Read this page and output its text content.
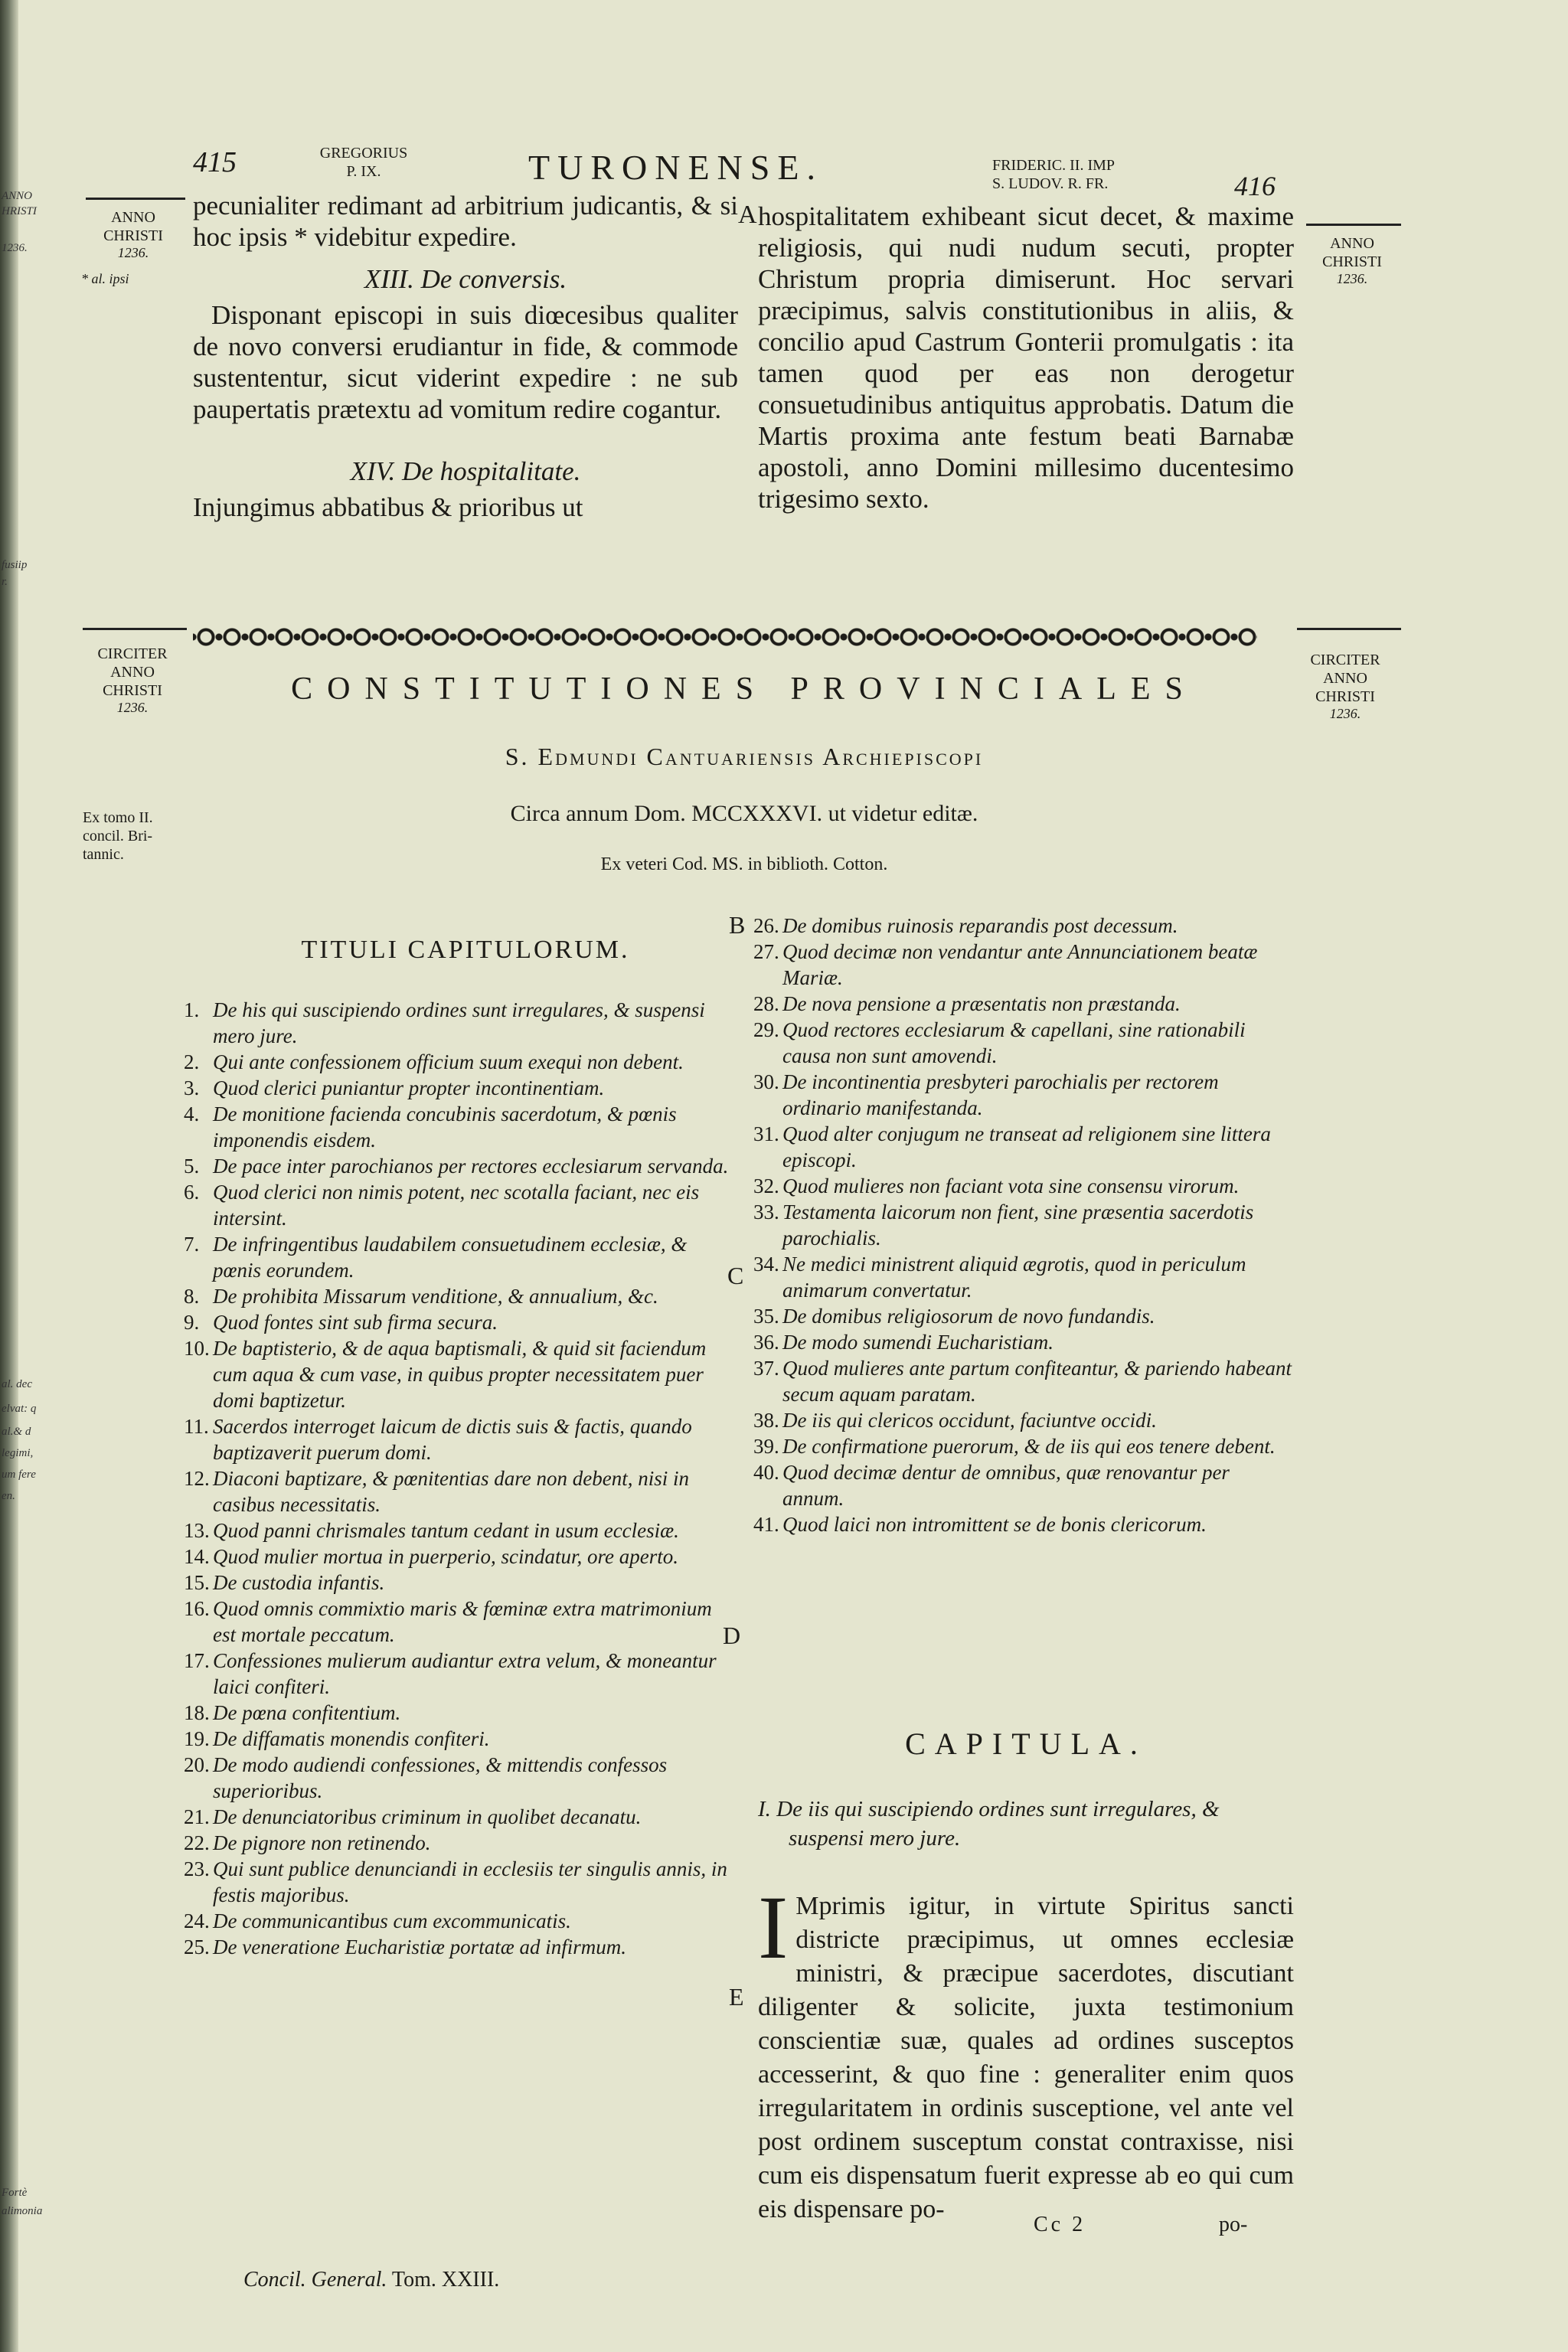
ANNO
HRISTI
1236.
fusiip
r.
al. dec
elvat: q
al.& d
legimi,
um fere
en.
Fortè
alimonia
415	GREGORIUS
P. IX.	TURONENSE.	FRIDERIC. II. IMP
S. LUDOV. R. FR.	416
ANNO
CHRISTI
1236.
* al. ipsi

pecunialiter redimant ad arbitrium judicantis, & si hoc ipsis * videbitur expedire.

XIII. De conversis.

Disponant episcopi in suis diœcesibus qualiter de novo conversi erudiantur in fide, & commode sustententur, sicut viderint expedire : ne sub paupertatis prætextu ad vomitum redire cogantur.

XIV. De hospitalitate.

Injungimus abbatibus & prioribus ut

A hospitalitatem exhibeant sicut decet, & maxime religiosis, qui nudi nudum secuti, propter Christum propria dimiserunt. Hoc servari præcipimus, salvis constitutionibus in aliis, & concilio apud Castrum Gonterii promulgatis : ita tamen quod per eas non derogetur consuetudinibus antiquitus approbatis. Datum die Martis proxima ante festum beati Barnabæ apostoli, anno Domini millesimo ducentesimo trigesimo sexto.

ANNO
CHRISTI
1236.
CIRCITER
ANNO
CHRISTI
1236.
CIRCITER
ANNO
CHRISTI
1236.
CONSTITUTIONES PROVINCIALES
S. Edmundi Cantuariensis Archiepiscopi
Circa annum Dom. MCCXXXVI. ut videtur editæ.
Ex veteri Cod. MS. in biblioth. Cotton.
Ex tomo II.
concil. Bri-
tannic.
TITULI CAPITULORUM.
1. De his qui suscipiendo ordines sunt irregulares, & suspensi mero jure.
2. Qui ante confessionem officium suum exequi non debent.
3. Quod clerici puniantur propter incontinentiam.
4. De monitione facienda concubinis sacerdotum, & pœnis imponendis eisdem.
5. De pace inter parochianos per rectores ecclesiarum servanda.
6. Quod clerici non nimis potent, nec scotalla faciant, nec eis intersint.
7. De infringentibus laudabilem consuetudinem ecclesiæ, & pœnis eorundem.
8. De prohibita Missarum venditione, & annualium, &c.
9. Quod fontes sint sub firma secura.
10. De baptisterio, & de aqua baptismali, & quid sit faciendum cum aqua & cum vase, in quibus propter necessitatem puer domi baptizetur.
11. Sacerdos interroget laicum de dictis suis & factis, quando baptizaverit puerum domi.
12. Diaconi baptizare, & pœnitentias dare non debent, nisi in casibus necessitatis.
13. Quod panni chrismales tantum cedant in usum ecclesiæ.
14. Quod mulier mortua in puerperio, scindatur, ore aperto.
15. De custodia infantis.
16. Quod omnis commixtio maris & fœminæ extra matrimonium est mortale peccatum.
17. Confessiones mulierum audiantur extra velum, & moneantur laici confiteri.
18. De pœna confitentium.
19. De diffamatis monendis confiteri.
20. De modo audiendi confessiones, & mittendis confessos superioribus.
21. De denunciatoribus criminum in quolibet decanatu.
22. De pignore non retinendo.
23. Qui sunt publice denunciandi in ecclesiis ter singulis annis, in festis majoribus.
24. De communicantibus cum excommunicatis.
25. De veneratione Eucharistiæ portatæ ad infirmum.
B
C
D
E
26. De domibus ruinosis reparandis post decessum.
27. Quod decimæ non vendantur ante Annunciationem beatæ Mariæ.
28. De nova pensione a præsentatis non præstanda.
29. Quod rectores ecclesiarum & capellani, sine rationabili causa non sunt amovendi.
30. De incontinentia presbyteri parochialis per rectorem ordinario manifestanda.
31. Quod alter conjugum ne transeat ad religionem sine littera episcopi.
32. Quod mulieres non faciant vota sine consensu virorum.
33. Testamenta laicorum non fient, sine præsentia sacerdotis parochialis.
34. Ne medici ministrent aliquid ægrotis, quod in periculum animarum convertatur.
35. De domibus religiosorum de novo fundandis.
36. De modo sumendi Eucharistiam.
37. Quod mulieres ante partum confiteantur, & pariendo habeant secum aquam paratam.
38. De iis qui clericos occidunt, faciuntve occidi.
39. De confirmatione puerorum, & de iis qui eos tenere debent.
40. Quod decimæ dentur de omnibus, quæ renovantur per annum.
41. Quod laici non intromittent se de bonis clericorum.
CAPITULA.
I. De iis qui suscipiendo ordines sunt irregulares, & suspensi mero jure.
I Mprimis igitur, in virtute Spiritus sancti districte præcipimus, ut omnes ecclesiæ ministri, & præcipue sacerdotes, discutiant diligenter & solicite, juxta testimonium conscientiæ suæ, quales ad ordines susceptos accesserint, & quo fine : generaliter enim quos irregularitatem in ordinis susceptione, vel ante vel post ordinem susceptum constat contraxisse, nisi cum eis dispensatum fuerit expresse ab eo qui cum eis dispensare po-
Concil. General. Tom. XXIII.
Cc 2	po-
